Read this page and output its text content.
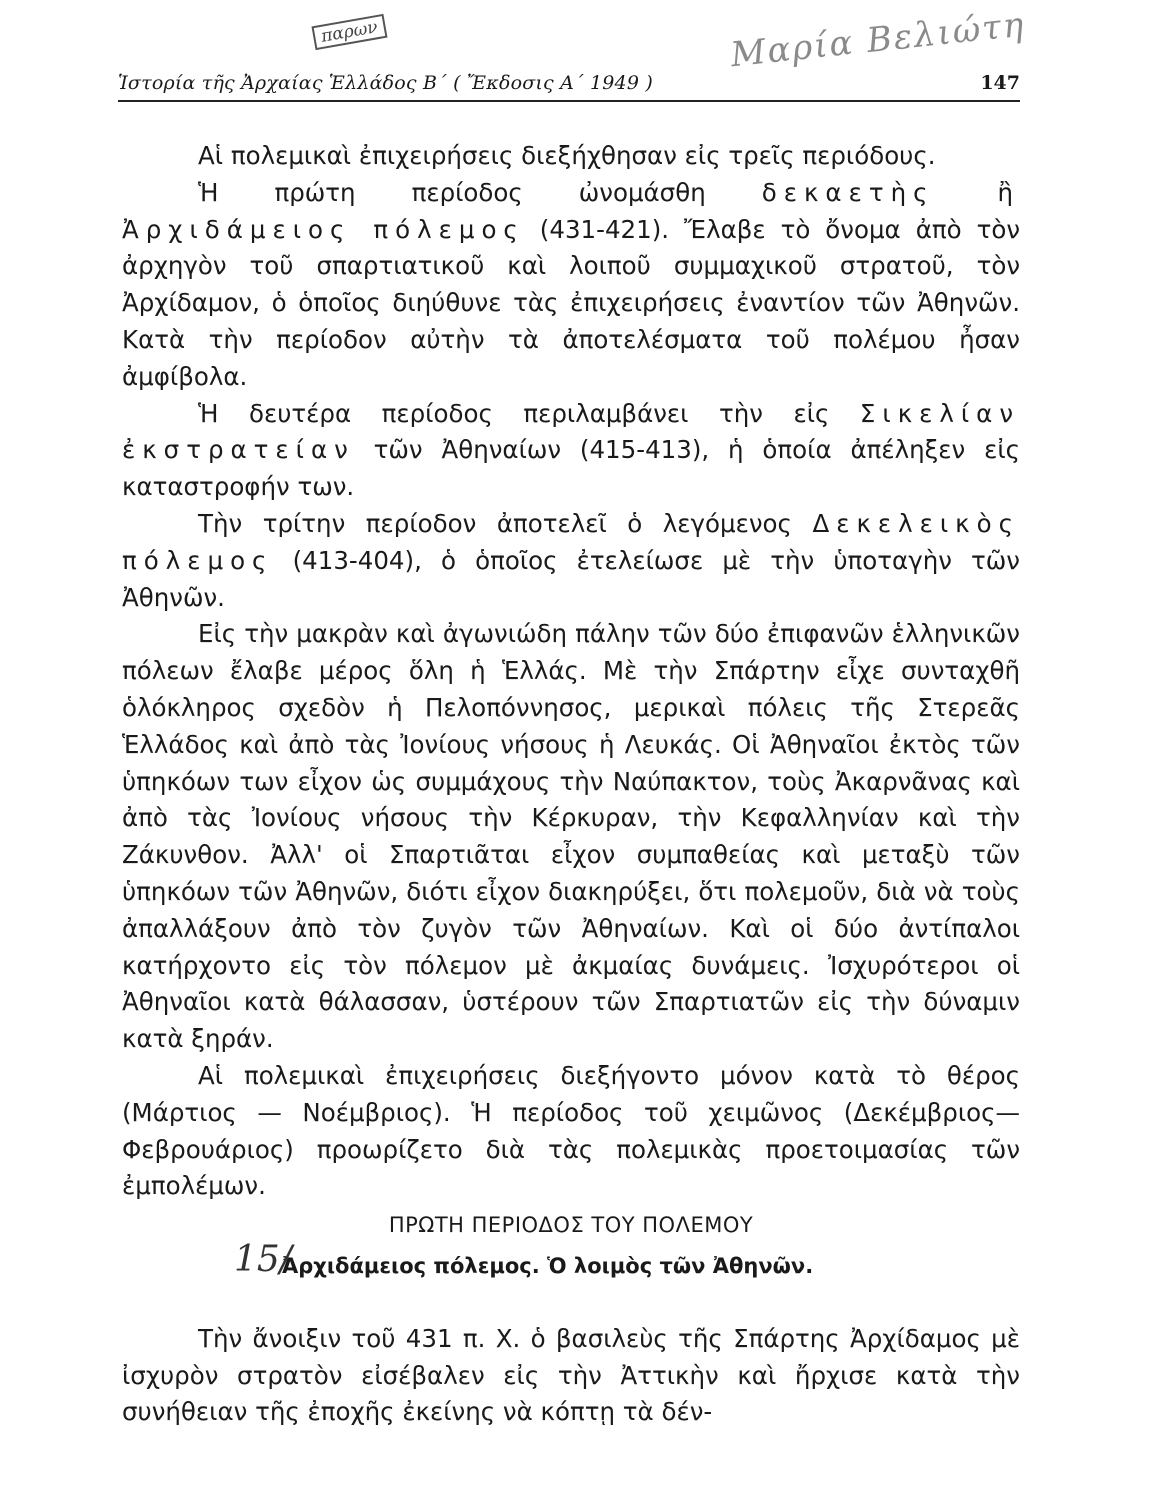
παρων	Μαρία Βελιώτη
Ἱστορία τῆς Ἀρχαίας Ἑλλάδος Β΄ ( Ἔκδοσις Α΄ 1949 )	147

Αἱ πολεμικαὶ ἐπιχειρήσεις διεξήχθησαν εἰς τρεῖς περιόδους.

Ἡ πρώτη περίοδος ὠνομάσθη δεκαετὴς ἢ Ἀρχιδάμειος πόλεμος (431-421). Ἔλαβε τὸ ὄνομα ἀπὸ τὸν ἀρχηγὸν τοῦ σπαρτιατικοῦ καὶ λοιποῦ συμμαχικοῦ στρατοῦ, τὸν Ἀρχίδαμον, ὁ ὁποῖος διηύθυνε τὰς ἐπιχειρήσεις ἐναντίον τῶν Ἀθηνῶν. Κατὰ τὴν περίοδον αὐτὴν τὰ ἀποτελέσματα τοῦ πολέμου ἦσαν ἀμφίβολα.

Ἡ δευτέρα περίοδος περιλαμβάνει τὴν εἰς Σικελίαν ἐκστρατείαν τῶν Ἀθηναίων (415-413), ἡ ὁποία ἀπέληξεν εἰς καταστροφήν των.

Τὴν τρίτην περίοδον ἀποτελεῖ ὁ λεγόμενος Δεκελεικὸς πόλεμος (413-404), ὁ ὁποῖος ἐτελείωσε μὲ τὴν ὑποταγὴν τῶν Ἀθηνῶν.

Εἰς τὴν μακρὰν καὶ ἀγωνιώδη πάλην τῶν δύο ἐπιφανῶν ἑλληνικῶν πόλεων ἔλαβε μέρος ὅλη ἡ Ἑλλάς. Μὲ τὴν Σπάρτην εἶχε συνταχθῆ ὁλόκληρος σχεδὸν ἡ Πελοπόννησος, μερικαὶ πόλεις τῆς Στερεᾶς Ἑλλάδος καὶ ἀπὸ τὰς Ἰονίους νήσους ἡ Λευκάς. Οἱ Ἀθηναῖοι ἐκτὸς τῶν ὑπηκόων των εἶχον ὡς συμμάχους τὴν Ναύπακτον, τοὺς Ἀκαρνᾶνας καὶ ἀπὸ τὰς Ἰονίους νήσους τὴν Κέρκυραν, τὴν Κεφαλληνίαν καὶ τὴν Ζάκυνθον. Ἀλλ' οἱ Σπαρτιᾶται εἶχον συμπαθείας καὶ μεταξὺ τῶν ὑπηκόων τῶν Ἀθηνῶν, διότι εἶχον διακηρύξει, ὅτι πολεμοῦν, διὰ νὰ τοὺς ἀπαλλάξουν ἀπὸ τὸν ζυγὸν τῶν Ἀθηναίων. Καὶ οἱ δύο ἀντίπαλοι κατήρχοντο εἰς τὸν πόλεμον μὲ ἀκμαίας δυνάμεις. Ἰσχυρότεροι οἱ Ἀθηναῖοι κατὰ θάλασσαν, ὑστέρουν τῶν Σπαρτιατῶν εἰς τὴν δύναμιν κατὰ ξηράν.

Αἱ πολεμικαὶ ἐπιχειρήσεις διεξήγοντο μόνον κατὰ τὸ θέρος (Μάρτιος — Νοέμβριος). Ἡ περίοδος τοῦ χειμῶνος (Δεκέμβριος— Φεβρουάριος) προωρίζετο διὰ τὰς πολεμικὰς προετοιμασίας τῶν ἐμπολέμων.

ΠΡΩΤΗ ΠΕΡΙΟΔΟΣ ΤΟΥ ΠΟΛΕΜΟΥ

15/
Ἀρχιδάμειος πόλεμος. Ὁ λοιμὸς τῶν Ἀθηνῶν.

Τὴν ἄνοιξιν τοῦ 431 π. Χ. ὁ βασιλεὺς τῆς Σπάρτης Ἀρχίδαμος μὲ ἰσχυρὸν στρατὸν εἰσέβαλεν εἰς τὴν Ἀττικὴν καὶ ἤρχισε κατὰ τὴν συνήθειαν τῆς ἐποχῆς ἐκείνης νὰ κόπτῃ τὰ δέν-
